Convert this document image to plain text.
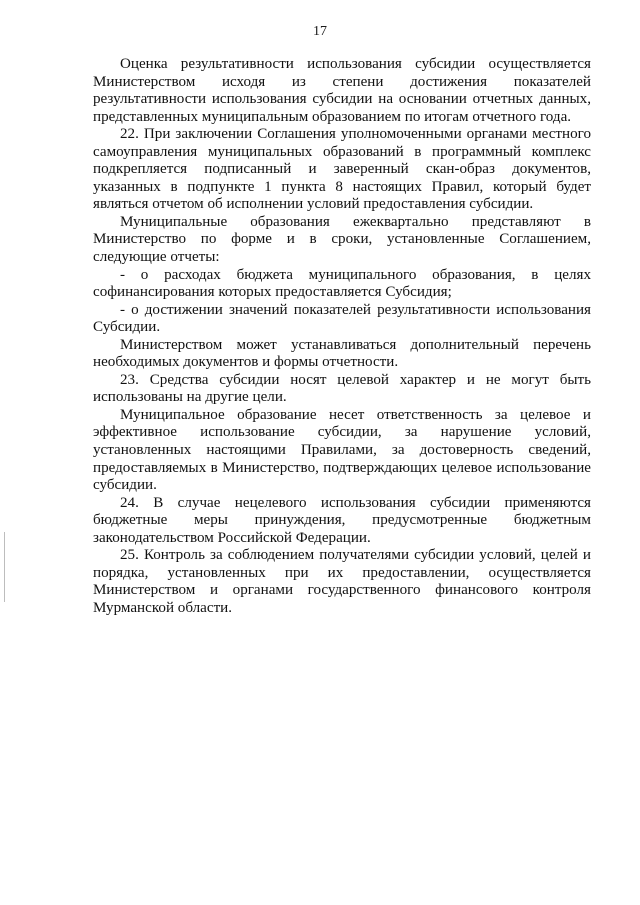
17

Оценка результативности использования субсидии осуществляется Министерством исходя из степени достижения показателей результативности использования субсидии на основании отчетных данных, представленных муниципальным образованием по итогам отчетного года.

22. При заключении Соглашения уполномоченными органами местного самоуправления муниципальных образований в программный комплекс подкрепляется подписанный и заверенный скан-образ документов, указанных в подпункте 1 пункта 8 настоящих Правил, который будет являться отчетом об исполнении условий предоставления субсидии.

Муниципальные образования ежеквартально представляют в Министерство по форме и в сроки, установленные Соглашением, следующие отчеты:

- о расходах бюджета муниципального образования, в целях софинансирования которых предоставляется Субсидия;

- о достижении значений показателей результативности использования Субсидии.

Министерством может устанавливаться дополнительный перечень необходимых документов и формы отчетности.

23. Средства субсидии носят целевой характер и не могут быть использованы на другие цели.

Муниципальное образование несет ответственность за целевое и эффективное использование субсидии, за нарушение условий, установленных настоящими Правилами, за достоверность сведений, предоставляемых в Министерство, подтверждающих целевое использование субсидии.

24. В случае нецелевого использования субсидии применяются бюджетные меры принуждения, предусмотренные бюджетным законодательством Российской Федерации.

25. Контроль за соблюдением получателями субсидии условий, целей и порядка, установленных при их предоставлении, осуществляется Министерством и органами государственного финансового контроля Мурманской области.
